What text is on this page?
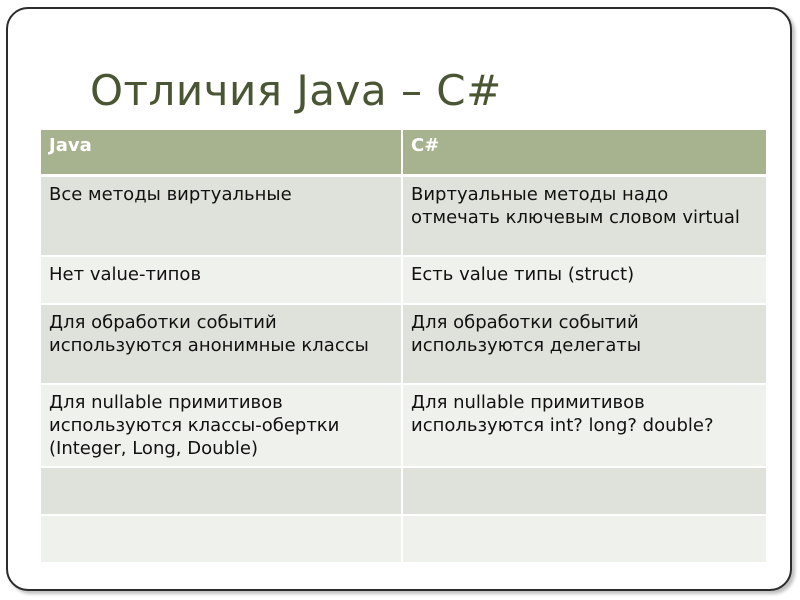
Отличия Java – C#
Java	C#
Все методы виртуальные	Виртуальные методы надо отмечать ключевым словом virtual
Нет value-типов	Есть value типы (struct)
Для обработки событий используются анонимные классы	Для обработки событий используются делегаты
Для nullable примитивов используются классы-обертки (Integer, Long, Double)	Для nullable примитивов используются int? long? double?
